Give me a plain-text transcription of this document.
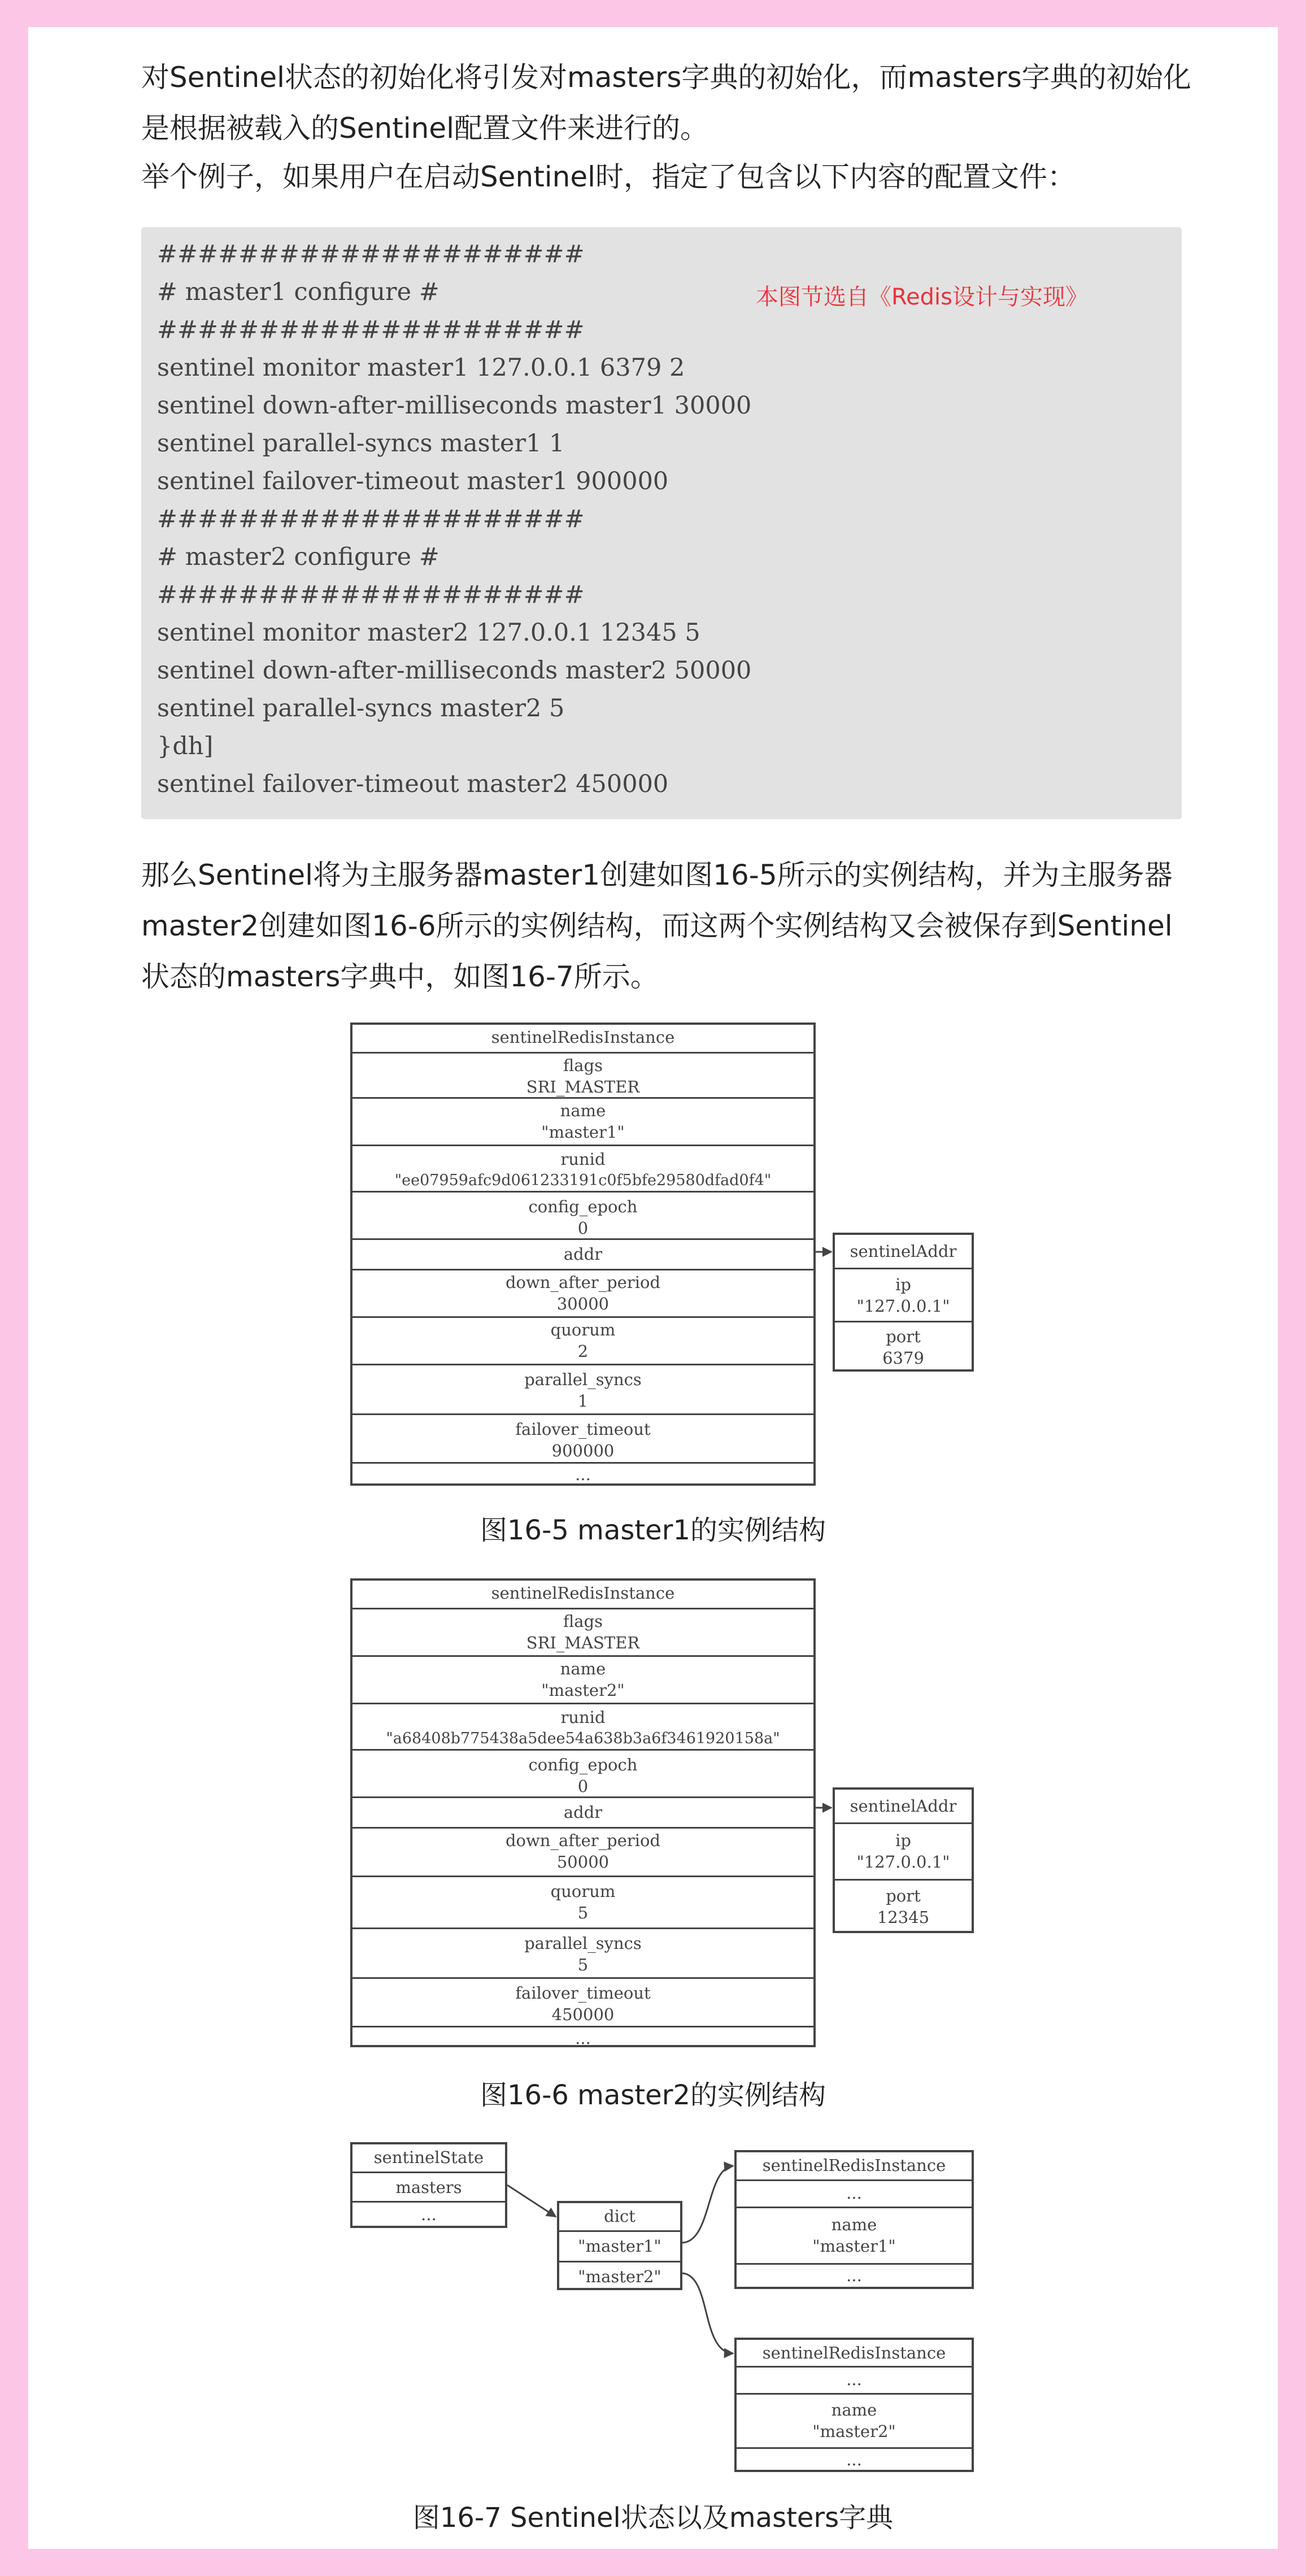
对Sentinel状态的初始化将引发对masters字典的初始化，而masters字典的初始化
是根据被载入的Sentinel配置文件来进行的。

举个例子，如果用户在启动Sentinel时，指定了包含以下内容的配置文件：

本图节选自《Redis设计与实现》
#####################
# master1 configure #
#####################
sentinel monitor master1 127.0.0.1 6379 2
sentinel down-after-milliseconds master1 30000
sentinel parallel-syncs master1 1
sentinel failover-timeout master1 900000
#####################
# master2 configure #
#####################
sentinel monitor master2 127.0.0.1 12345 5
sentinel down-after-milliseconds master2 50000
sentinel parallel-syncs master2 5
}dh]
sentinel failover-timeout master2 450000

那么Sentinel将为主服务器master1创建如图16-5所示的实例结构，并为主服务器
master2创建如图16-6所示的实例结构，而这两个实例结构又会被保存到Sentinel
状态的masters字典中，如图16-7所示。

sentinelRedisInstance
flags
SRI_MASTER
name
"master1"
runid
"ee07959afc9d061233191c0f5bfe29580dfad0f4"
config_epoch
0
addr
down_after_period
30000
quorum
2
parallel_syncs
1
failover_timeout
900000
...
sentinelAddr
ip
"127.0.0.1"
port
6379
图16-5 master1的实例结构
sentinelRedisInstance
flags
SRI_MASTER
name
"master2"
runid
"a68408b775438a5dee54a638b3a6f3461920158a"
config_epoch
0
addr
down_after_period
50000
quorum
5
parallel_syncs
5
failover_timeout
450000
...
sentinelAddr
ip
"127.0.0.1"
port
12345
图16-6 master2的实例结构
sentinelState
masters
...	dict
"master1"
"master2"
sentinelRedisInstance
...
name
"master1"
...
sentinelRedisInstance
...
name
"master2"
...
图16-7 Sentinel状态以及masters字典
